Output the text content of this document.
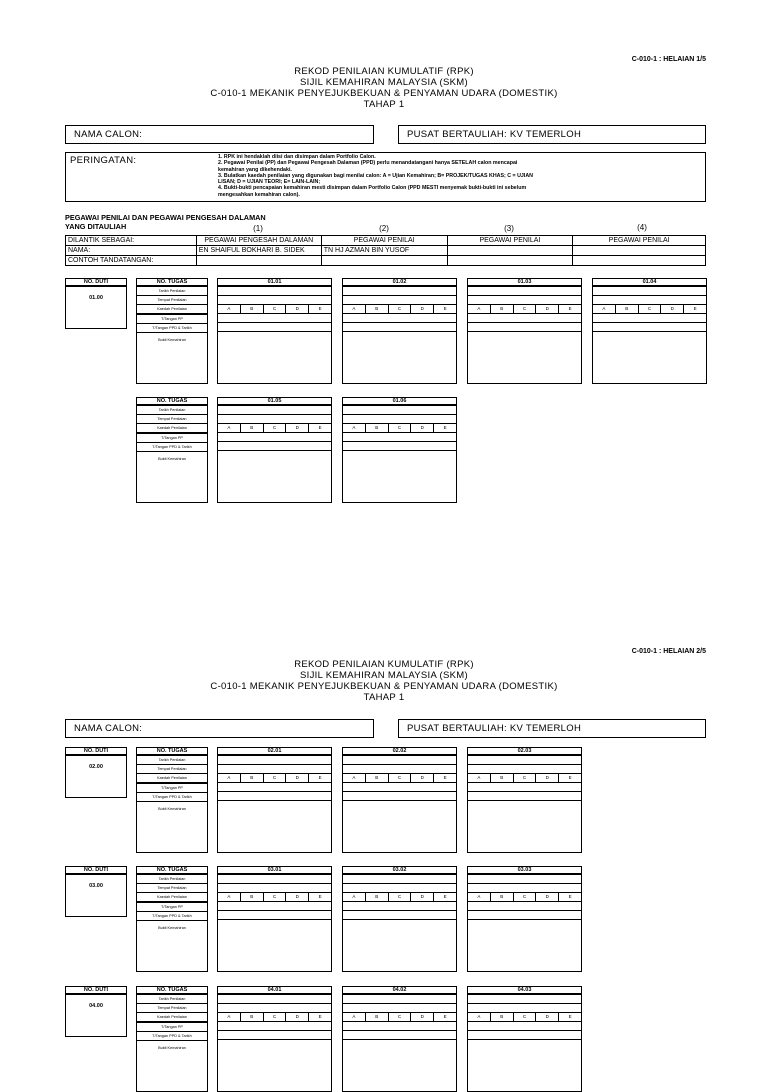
C-010-1 : HELAIAN 1/5
REKOD PENILAIAN KUMULATIF (RPK)
SIJIL KEMAHIRAN MALAYSIA (SKM)
C-010-1 MEKANIK PENYEJUKBEKUAN & PENYAMAN UDARA (DOMESTIK)
TAHAP 1
NAMA CALON:	PUSAT BERTAULIAH: KV TEMERLOH
PERINGATAN:	1. RPK ini hendaklah diisi dan disimpan dalam Portfolio Calon.
2. Pegawai Penilai (PP) dan Pegawai Pengesah Dalaman (PPD) perlu menandatangani hanya SETELAH calon mencapai kemahiran yang dikehendaki.
3. Bulatkan kaedah penilaian yang digunakan bagi menilai calon: A = Ujian Kemahiran; B= PROJEK/TUGAS KHAS; C = UJIAN LISAN; D = UJIAN TEORI; E= LAIN-LAIN;
4. Bukti-bukti pencapaian kemahiran mesti disimpan dalam Portfolio Calon (PPD MESTI menyemak bukti-bukti ini sebelum mengesahkan kemahiran calon).
PEGAWAI PENILAI DAN PEGAWAI PENGESAH DALAMAN
YANG DITAULIAH	(1)	(2)	(3)	(4)
DILANTIK SEBAGAI:	PEGAWAI PENGESAH DALAMAN	PEGAWAI PENILAI	PEGAWAI PENILAI	PEGAWAI PENILAI
NAMA:	EN SHAIFUL BOKHARI B. SIDEK	TN HJ AZMAN BIN YUSOF		
CONTOH TANDATANGAN:				
NO. DUTI
01.00
C-010-1 : HELAIAN 2/5
REKOD PENILAIAN KUMULATIF (RPK)
SIJIL KEMAHIRAN MALAYSIA (SKM)
C-010-1 MEKANIK PENYEJUKBEKUAN & PENYAMAN UDARA (DOMESTIK)
TAHAP 1
NAMA CALON:	PUSAT BERTAULIAH: KV TEMERLOH
NO. TUGAS
Tarikh Penilaian
Tempat Penilaian
Kaedah Penilaian
T/Tangan PP
T/Tangan PPD & Tarikh
Bukti Kemahiran
01.01
A	B	C	D	E
01.02
A	B	C	D	E
01.03
A	B	C	D	E
01.04
A	B	C	D	E
NO. TUGAS
Tarikh Penilaian
Tempat Penilaian
Kaedah Penilaian
T/Tangan PP
T/Tangan PPD & Tarikh
Bukti Kemahiran
01.05
A	B	C	D	E
01.06
A	B	C	D	E
NO. DUTI
02.00
NO. TUGAS
Tarikh Penilaian
Tempat Penilaian
Kaedah Penilaian
T/Tangan PP
T/Tangan PPD & Tarikh
Bukti Kemahiran
02.01
A	B	C	D	E
02.02
A	B	C	D	E
02.03
A	B	C	D	E
NO. DUTI
03.00
NO. TUGAS
Tarikh Penilaian
Tempat Penilaian
Kaedah Penilaian
T/Tangan PP
T/Tangan PPD & Tarikh
Bukti Kemahiran
03.01
A	B	C	D	E
03.02
A	B	C	D	E
03.03
A	B	C	D	E
NO. DUTI
04.00
NO. TUGAS
Tarikh Penilaian
Tempat Penilaian
Kaedah Penilaian
T/Tangan PP
T/Tangan PPD & Tarikh
Bukti Kemahiran
04.01
A	B	C	D	E
04.02
A	B	C	D	E
04.03
A	B	C	D	E
